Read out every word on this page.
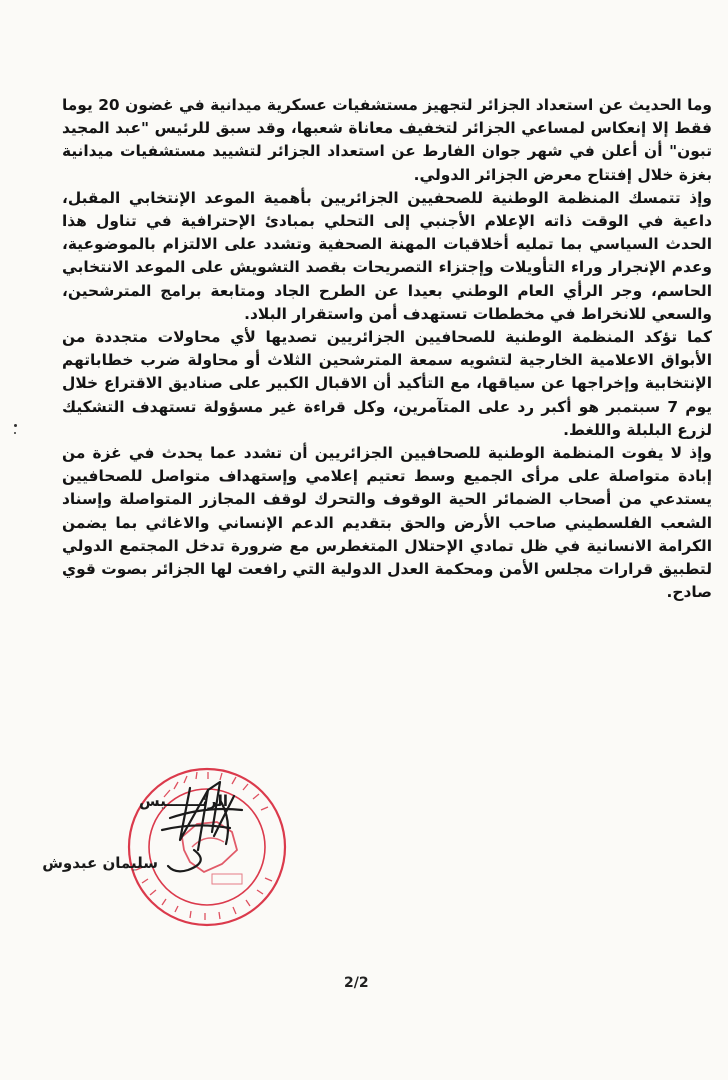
وما الحديث عن استعداد الجزائر لتجهيز مستشفيات عسكرية ميدانية في غضون 20 يوما فقط إلا إنعكاس لمساعي الجزائر لتخفيف معاناة شعبها، وقد سبق للرئيس "عبد المجيد تبون" أن أعلن في شهر جوان الفارط عن استعداد الجزائر لتشييد مستشفيات ميدانية بغزة خلال إفتتاح معرض الجزائر الدولي.

وإذ تتمسك المنظمة الوطنية للصحفيين الجزائريين بأهمية الموعد الإنتخابي المقبل، داعية في الوقت ذاته الإعلام الأجنبي إلى التحلي بمبادئ الإحترافية في تناول هذا الحدث السياسي بما تمليه أخلاقيات المهنة الصحفية وتشدد على الالتزام بالموضوعية، وعدم الإنجرار وراء التأويلات وإجتزاء التصريحات بقصد التشويش على الموعد الانتخابي الحاسم، وجر الرأي العام الوطني بعيدا عن الطرح الجاد ومتابعة برامج المترشحين، والسعي للانخراط في مخططات تستهدف أمن واستقرار البلاد.

كما تؤكد المنظمة الوطنية للصحافيين الجزائريين تصديها لأي محاولات متجددة من الأبواق الاعلامية الخارجية لتشويه سمعة المترشحين الثلاث أو محاولة ضرب خطاباتهم الإنتخابية وإخراجها عن سياقها، مع التأكيد أن الاقبال الكبير على صناديق الاقتراع خلال يوم 7 سبتمبر هو أكبر رد على المتآمرين، وكل قراءة غير مسؤولة تستهدف التشكيك لزرع البلبلة واللغط.

وإذ لا يفوت المنظمة الوطنية للصحافيين الجزائريين أن تشدد عما يحدث في غزة من إبادة متواصلة على مرأى الجميع وسط تعتيم إعلامي وإستهداف متواصل للصحافيين يستدعي من أصحاب الضمائر الحية الوقوف والتحرك لوقف المجازر المتواصلة وإسناد الشعب الفلسطيني صاحب الأرض والحق بتقديم الدعم الإنساني والاغاثي بما يضمن الكرامة الانسانية في ظل تمادي الإحتلال المتغطرس مع ضرورة تدخل المجتمع الدولي لتطبيق قرارات مجلس الأمن ومحكمة العدل الدولية التي رافعت لها الجزائر بصوت قوي صادح.

الرئـــــــيس
سليمان عبدوش
2/2
